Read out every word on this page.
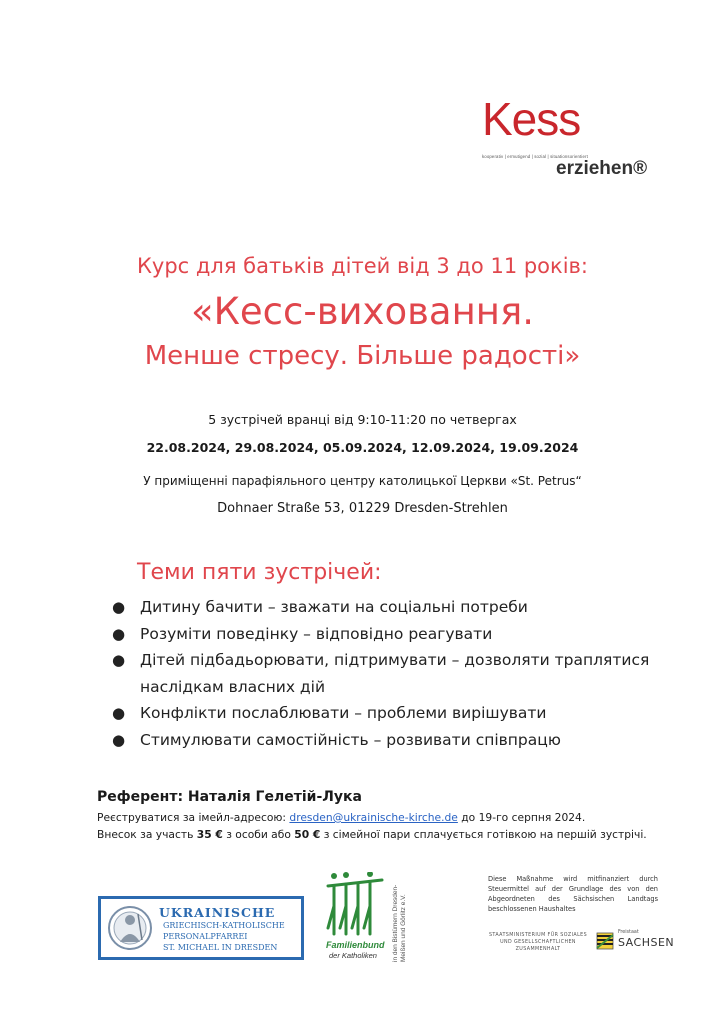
Kess
kooperativ | ermutigend | sozial | situationsorientiert
erziehen®
Курс для батьків дітей від 3 до 11 років:
«Кесс-виховання.
Менше стресу. Більше радості»
5 зустрічей вранці від 9:10-11:20 по четвергах
22.08.2024, 29.08.2024, 05.09.2024, 12.09.2024, 19.09.2024
У приміщенні парафіяльного центру католицької Церкви «St. Petrus“
Dohnaer Straße 53, 01229 Dresden-Strehlen
Теми пяти зустрічей:
● Дитину бачити – зважати на соціальні потреби
● Розуміти поведінку – відповідно реагувати
● Дітей підбадьорювати, підтримувати – дозволяти траплятися наслідкам власних дій
● Конфлікти послаблювати – проблеми вирішувати
● Стимулювати самостійність – розвивати співпрацю
Референт: Наталія Гелетій-Лука
Реєструватися за імейл-адресою: dresden@ukrainische-kirche.de до 19-го серпня 2024.
Внесок за участь 35 € з особи або 50 € з сімейної пари сплачується готівкою на першій зустрічі.
UKRAINISCHE
GRIECHISCH-KATHOLISCHE
PERSONALPFARREI
ST. MICHAEL IN DRESDEN	Familienbund
der Katholiken in den Bistümern Dresden-Meißen und Görlitz e.V.
Diese Maßnahme wird mitfinanziert durch Steuermittel auf der Grundlage des von den Abgeordneten des Sächsischen Landtags beschlossenen Haushaltes
STAATSMINISTERIUM FÜR SOZIALES UND GESELLSCHAFTLICHEN ZUSAMMENHALT
Freistaat
SACHSEN
